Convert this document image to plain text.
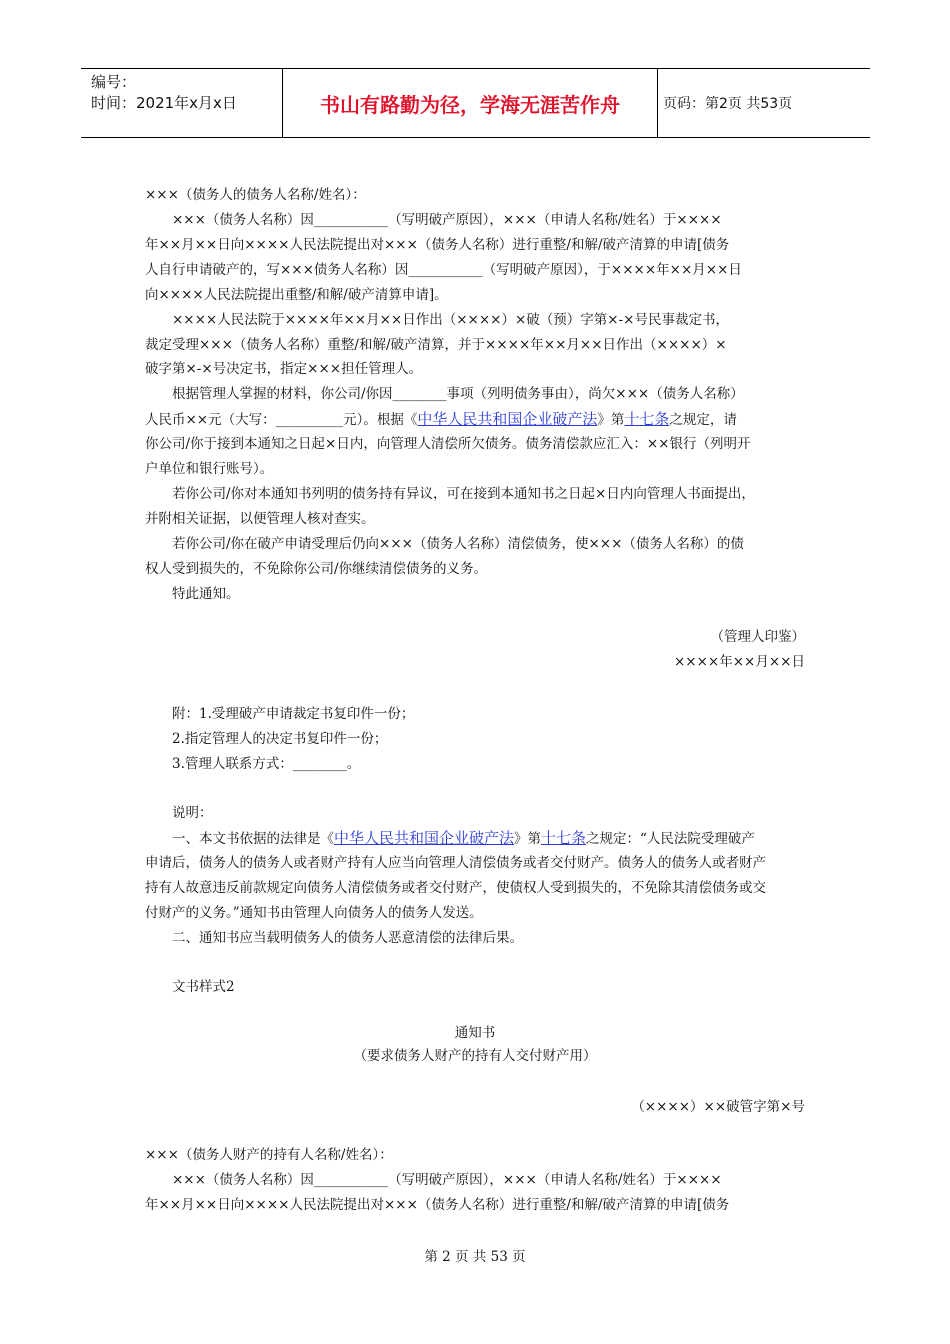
编号：
时间：2021年x月x日	书山有路勤为径，学海无涯苦作舟	页码：第2页 共53页

×××（债务人的债务人名称/姓名）：

　　×××（债务人名称）因___________（写明破产原因），×××（申请人名称/姓名）于××××

年××月××日向××××人民法院提出对×××（债务人名称）进行重整/和解/破产清算的申请[债务

人自行申请破产的，写×××债务人名称）因___________（写明破产原因），于××××年××月××日

向××××人民法院提出重整/和解/破产清算申请]。

　　××××人民法院于××××年××月××日作出（××××）×破（预）字第×-×号民事裁定书，

裁定受理×××（债务人名称）重整/和解/破产清算，并于××××年××月××日作出（××××）×

破字第×-×号决定书，指定×××担任管理人。

　　根据管理人掌握的材料，你公司/你因________事项（列明债务事由），尚欠×××（债务人名称）

人民币××元（大写：__________元）。根据《中华人民共和国企业破产法》第十七条之规定，请

你公司/你于接到本通知之日起×日内，向管理人清偿所欠债务。债务清偿款应汇入：××银行（列明开

户单位和银行账号）。

　　若你公司/你对本通知书列明的债务持有异议，可在接到本通知书之日起×日内向管理人书面提出，

并附相关证据，以便管理人核对查实。

　　若你公司/你在破产申请受理后仍向×××（债务人名称）清偿债务，使×××（债务人名称）的债

权人受到损失的，不免除你公司/你继续清偿债务的义务。

　　特此通知。

（管理人印鉴）
××××年××月××日

　　附：1.受理破产申请裁定书复印件一份；

　　2.指定管理人的决定书复印件一份；

　　3.管理人联系方式：________。

　　说明：

　　一、本文书依据的法律是《中华人民共和国企业破产法》第十七条之规定：“人民法院受理破产

申请后，债务人的债务人或者财产持有人应当向管理人清偿债务或者交付财产。债务人的债务人或者财产

持有人故意违反前款规定向债务人清偿债务或者交付财产，使债权人受到损失的，不免除其清偿债务或交

付财产的义务。”通知书由管理人向债务人的债务人发送。

　　二、通知书应当载明债务人的债务人恶意清偿的法律后果。

　　文书样式2

通知书
（要求债务人财产的持有人交付财产用）
（××××）××破管字第×号

×××（债务人财产的持有人名称/姓名）：

　　×××（债务人名称）因___________（写明破产原因），×××（申请人名称/姓名）于××××

年××月××日向××××人民法院提出对×××（债务人名称）进行重整/和解/破产清算的申请[债务

第 2 页 共 53 页
